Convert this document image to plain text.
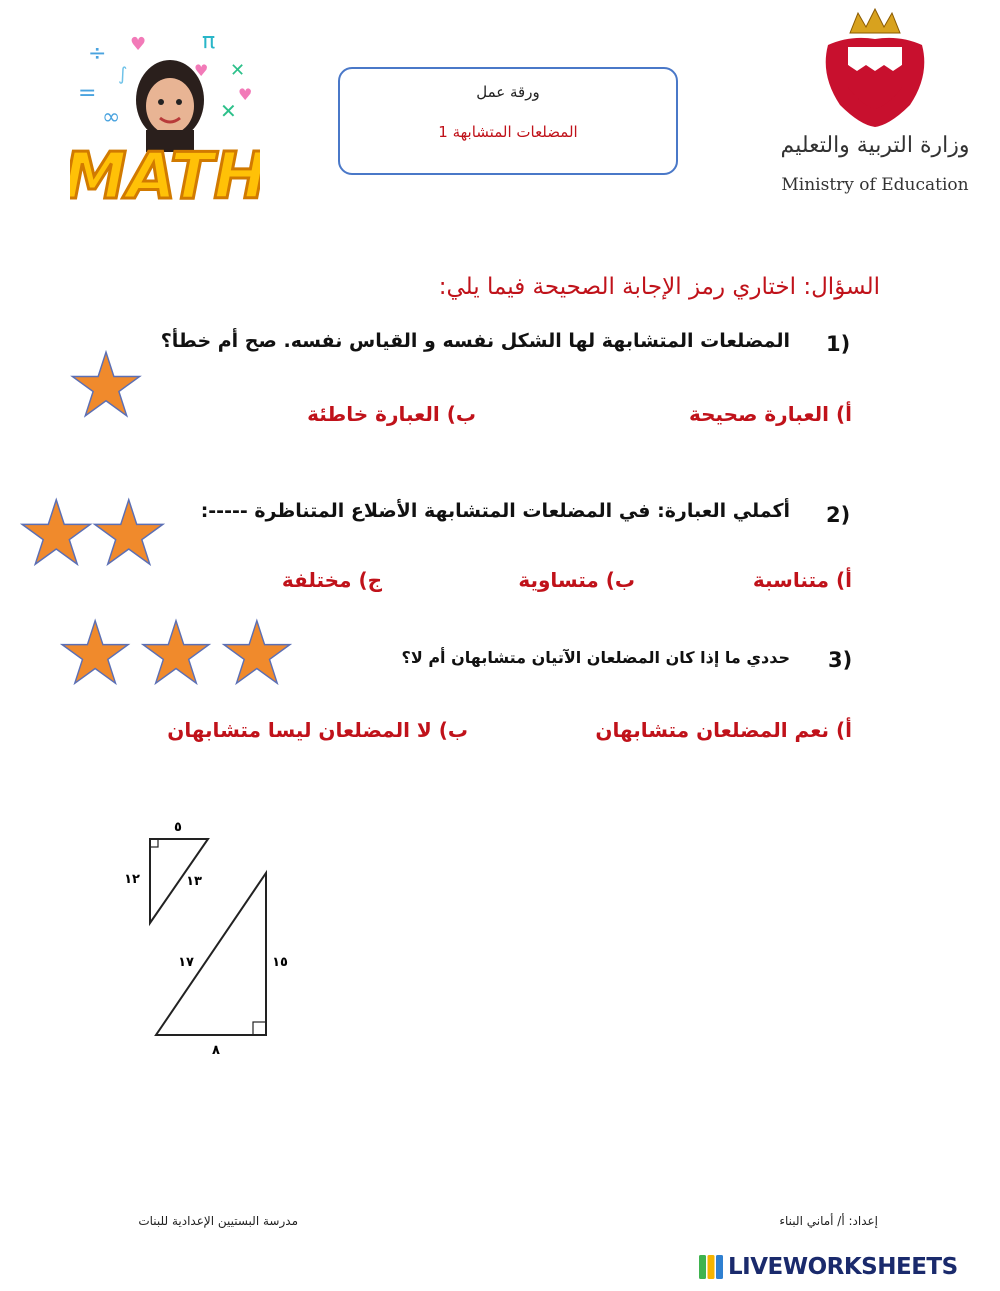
÷ ♥	π
✕
♥
=
∫
∞	✕
♥
MATH
ورقة عمل
المضلعات المتشابهة 1
وزارة التربية والتعليم
Ministry of Education
السؤال: اختاري رمز الإجابة الصحيحة فيما يلي:
1)
المضلعات المتشابهة لها الشكل نفسه و القياس نفسه. صح أم خطأ؟
أ) العبارة صحيحة
ب) العبارة خاطئة
2)
أكملي العبارة: في المضلعات المتشابهة الأضلاع المتناظرة -----:
أ) متناسبة
ب) متساوية
ج) مختلفة
3)
حددي ما إذا كان المضلعان الآتيان متشابهان أم لا؟
أ) نعم المضلعان متشابهان
ب) لا المضلعان ليسا متشابهان
٥
١٢	١٣
١٥
٨
١٧
إعداد: أ/ أماني البناء
مدرسة البستيين الإعدادية للبنات
LIVEWORKSHEETS
